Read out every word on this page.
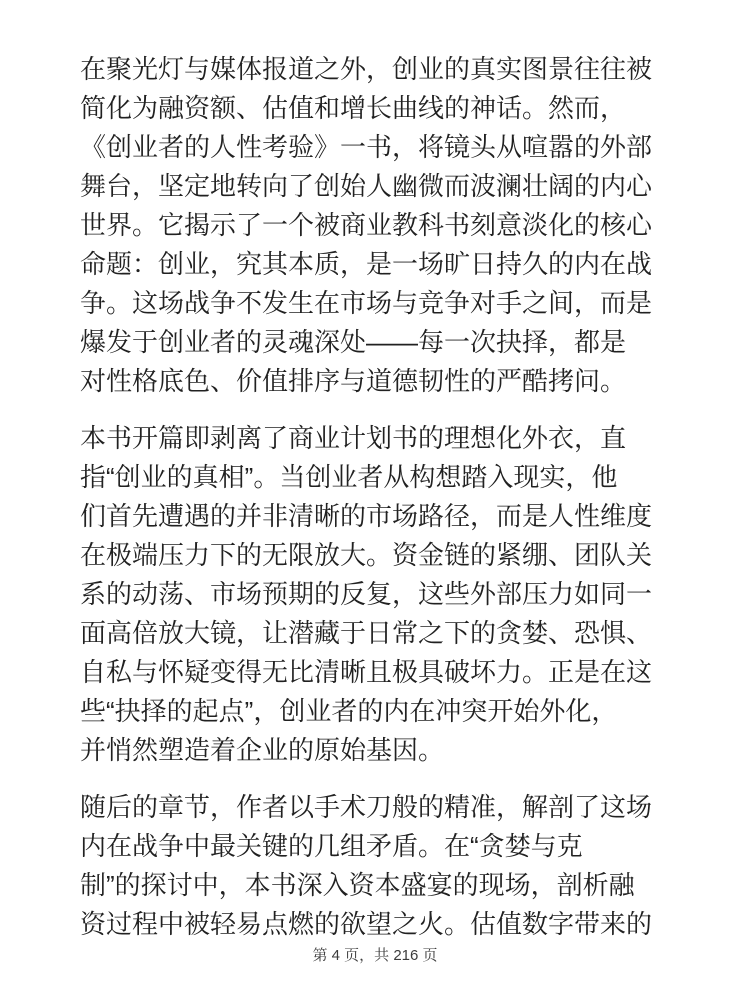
在聚光灯与媒体报道之外，创业的真实图景往往被
简化为融资额、估值和增长曲线的神话。然而，
《创业者的人性考验》一书，将镜头从喧嚣的外部
舞台，坚定地转向了创始人幽微而波澜壮阔的内心
世界。它揭示了一个被商业教科书刻意淡化的核心
命题：创业，究其本质，是一场旷日持久的内在战
争。这场战争不发生在市场与竞争对手之间，而是
爆发于创业者的灵魂深处——每一次抉择，都是
对性格底色、价值排序与道德韧性的严酷拷问。

本书开篇即剥离了商业计划书的理想化外衣，直
指“创业的真相”。当创业者从构想踏入现实，他
们首先遭遇的并非清晰的市场路径，而是人性维度
在极端压力下的无限放大。资金链的紧绷、团队关
系的动荡、市场预期的反复，这些外部压力如同一
面高倍放大镜，让潜藏于日常之下的贪婪、恐惧、
自私与怀疑变得无比清晰且极具破坏力。正是在这
些“抉择的起点”，创业者的内在冲突开始外化，
并悄然塑造着企业的原始基因。

随后的章节，作者以手术刀般的精准，解剖了这场
内在战争中最关键的几组矛盾。在“贪婪与克
制”的探讨中，本书深入资本盛宴的现场，剖析融
资过程中被轻易点燃的欲望之火。估值数字带来的

第 4 页，共 216 页
